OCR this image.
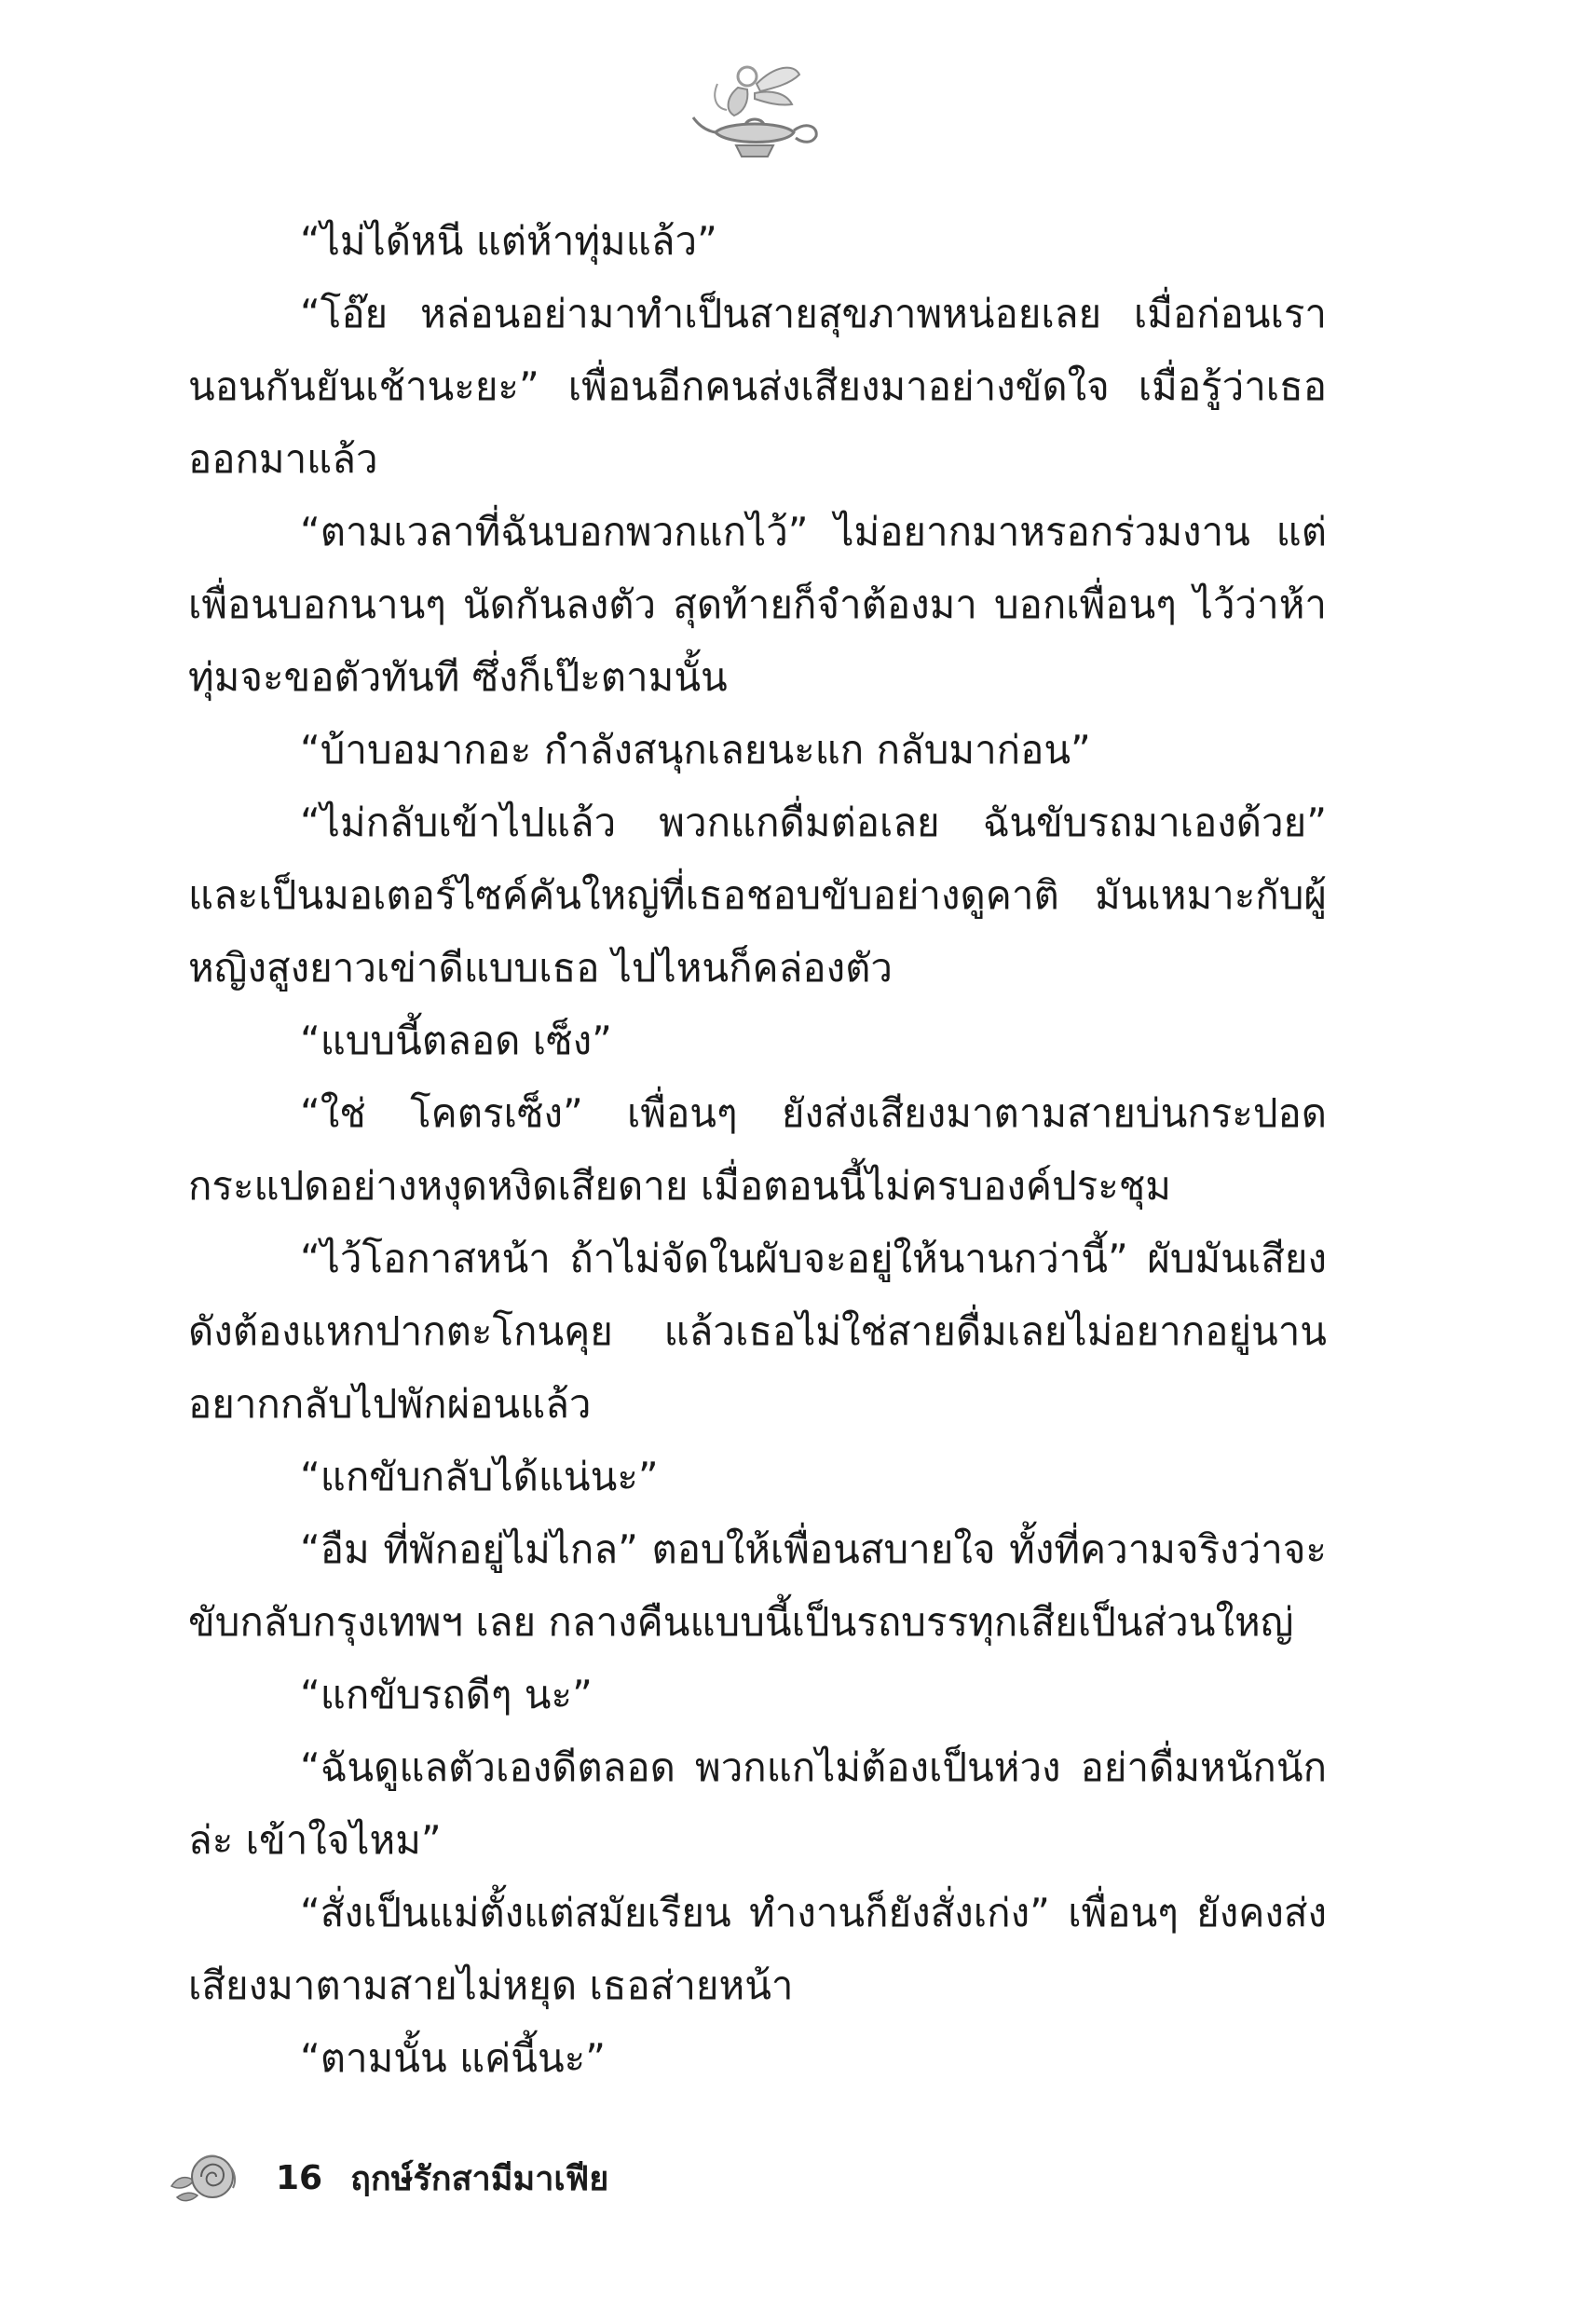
“ไม่ได้หนี แต่ห้าทุ่มแล้ว”

“โอ๊ย หล่อนอย่ามาทำเป็นสายสุขภาพหน่อยเลย เมื่อก่อนเรานอนกันยันเช้านะยะ” เพื่อนอีกคนส่งเสียงมาอย่างขัดใจ เมื่อรู้ว่าเธอออกมาแล้ว

“ตามเวลาที่ฉันบอกพวกแกไว้” ไม่อยากมาหรอกร่วมงาน แต่เพื่อนบอกนานๆ นัดกันลงตัว สุดท้ายก็จำต้องมา บอกเพื่อนๆ ไว้ว่าห้าทุ่มจะขอตัวทันที ซึ่งก็เป๊ะตามนั้น

“บ้าบอมากอะ กำลังสนุกเลยนะแก กลับมาก่อน”

“ไม่กลับเข้าไปแล้ว พวกแกดื่มต่อเลย ฉันขับรถมาเองด้วย” และเป็นมอเตอร์ไซค์คันใหญ่ที่เธอชอบขับอย่างดูคาติ มันเหมาะกับผู้หญิงสูงยาวเข่าดีแบบเธอ ไปไหนก็คล่องตัว

“แบบนี้ตลอด เซ็ง”

“ใช่ โคตรเซ็ง” เพื่อนๆ ยังส่งเสียงมาตามสายบ่นกระปอดกระแปดอย่างหงุดหงิดเสียดาย เมื่อตอนนี้ไม่ครบองค์ประชุม

“ไว้โอกาสหน้า ถ้าไม่จัดในผับจะอยู่ให้นานกว่านี้” ผับมันเสียงดังต้องแหกปากตะโกนคุย แล้วเธอไม่ใช่สายดื่มเลยไม่อยากอยู่นาน อยากกลับไปพักผ่อนแล้ว

“แกขับกลับได้แน่นะ”

“อืม ที่พักอยู่ไม่ไกล” ตอบให้เพื่อนสบายใจ ทั้งที่ความจริงว่าจะขับกลับกรุงเทพฯ เลย กลางคืนแบบนี้เป็นรถบรรทุกเสียเป็นส่วนใหญ่

“แกขับรถดีๆ นะ”

“ฉันดูแลตัวเองดีตลอด พวกแกไม่ต้องเป็นห่วง อย่าดื่มหนักนักล่ะ เข้าใจไหม”

“สั่งเป็นแม่ตั้งแต่สมัยเรียน ทำงานก็ยังสั่งเก่ง” เพื่อนๆ ยังคงส่งเสียงมาตามสายไม่หยุด เธอส่ายหน้า

“ตามนั้น แค่นี้นะ”

16 ฤกษ์รักสามีมาเฟีย
